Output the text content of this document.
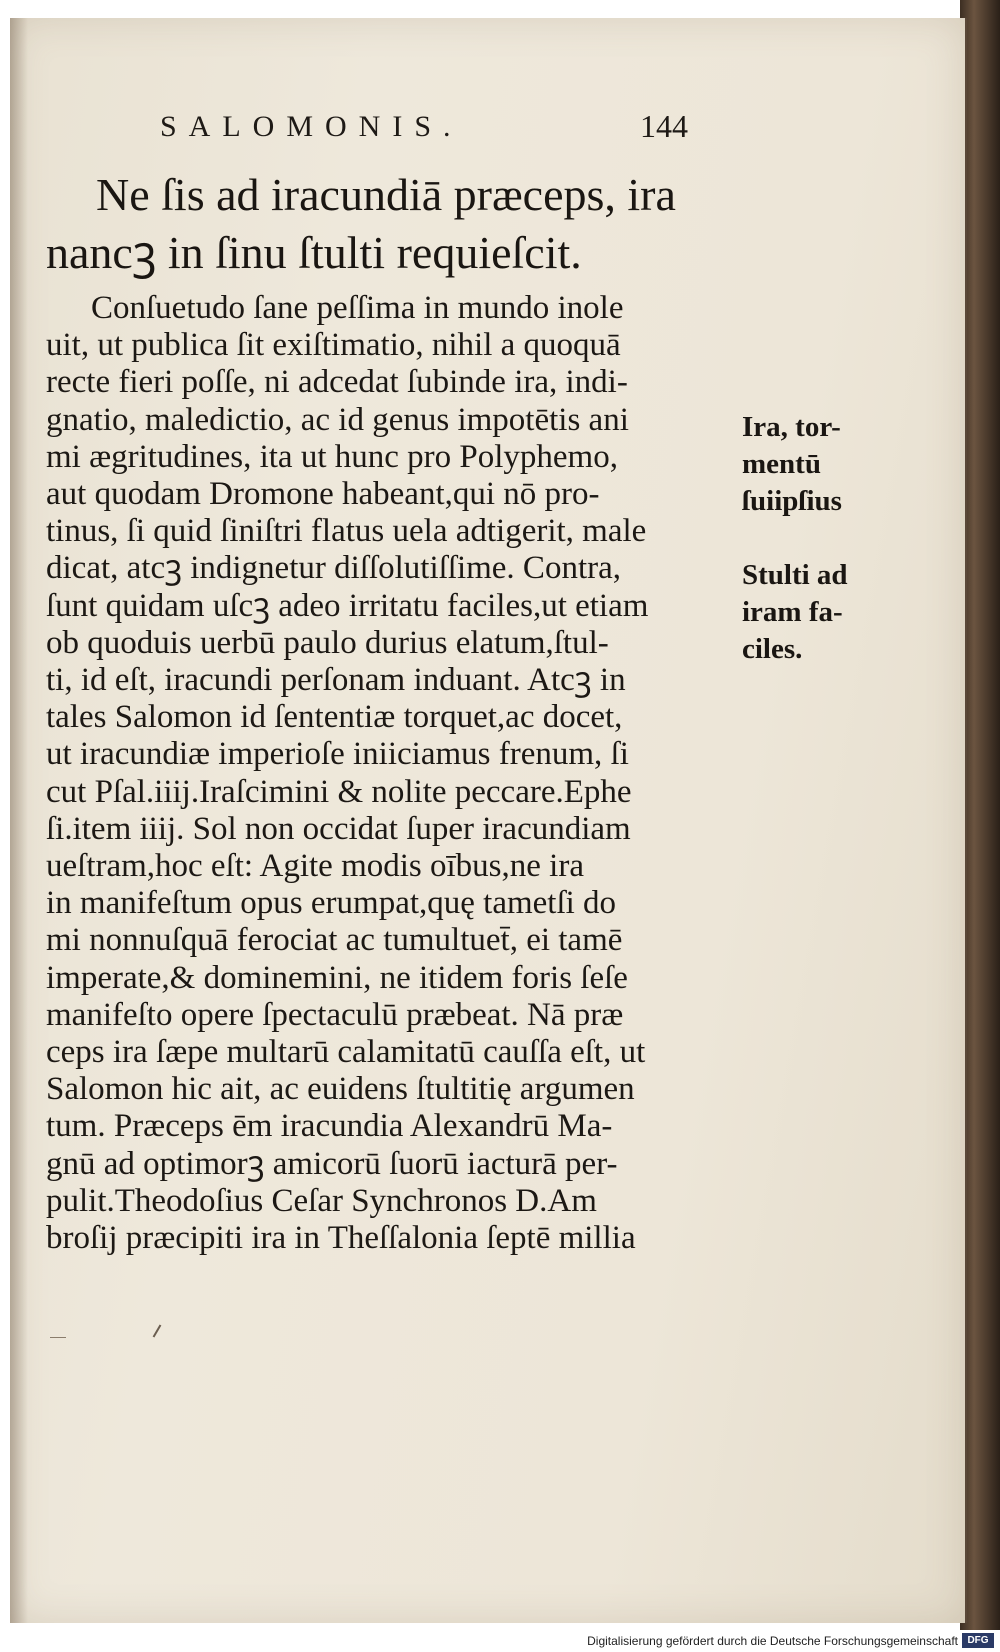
SALOMONIS.	144
Ne ſis ad iracundiā præceps, ira
nancꝫ in ſinu ſtulti requieſcit.
Conſuetudo ſane peſſima in mundo inole
uit, ut publica ſit exiſtimatio, nihil a quoquā
recte fieri poſſe, ni adcedat ſubinde ira, indi-
gnatio, maledictio, ac id genus impotētis ani
mi ægritudines, ita ut hunc pro Polyphemo,
aut quodam Dromone habeant,qui nō pro-
tinus, ſi quid ſiniſtri flatus uela adtigerit, male
dicat, atcꝫ indignetur diſſolutiſſime. Contra,
ſunt quidam uſcꝫ adeo irritatu faciles,ut etiam
ob quoduis uerbū paulo durius elatum,ſtul-
ti, id eſt, iracundi perſonam induant. Atcꝫ in
tales Salomon id ſententiæ torquet,ac docet,
ut iracundiæ imperioſe iniiciamus frenum, ſi
cut Pſal.iiij.Iraſcimini & nolite peccare.Ephe
ſi.item iiij. Sol non occidat ſuper iracundiam
ueſtram,hoc eſt: Agite modis oībus,ne ira
in manifeſtum opus erumpat,quę tametſi do
mi nonnuſquā ferociat ac tumultuet̄, ei tamē
imperate,& dominemini, ne itidem foris ſeſe
manifeſto opere ſpectaculū præbeat. Nā præ
ceps ira ſæpe multarū calamitatū cauſſa eſt, ut
Salomon hic ait, ac euidens ſtultitię argumen
tum. Præceps ēm iracundia Alexandrū Ma-
gnū ad optimorꝫ amicorū ſuorū iacturā per-
pulit.Theodoſius Ceſar Synchronos D.Am
broſij præcipiti ira in Theſſalonia ſeptē millia
Ira, tor-
mentū
ſuiipſius
Stulti ad
iram fa-
ciles.
Digitalisierung gefördert durch die Deutsche Forschungsgemeinschaft DFG
